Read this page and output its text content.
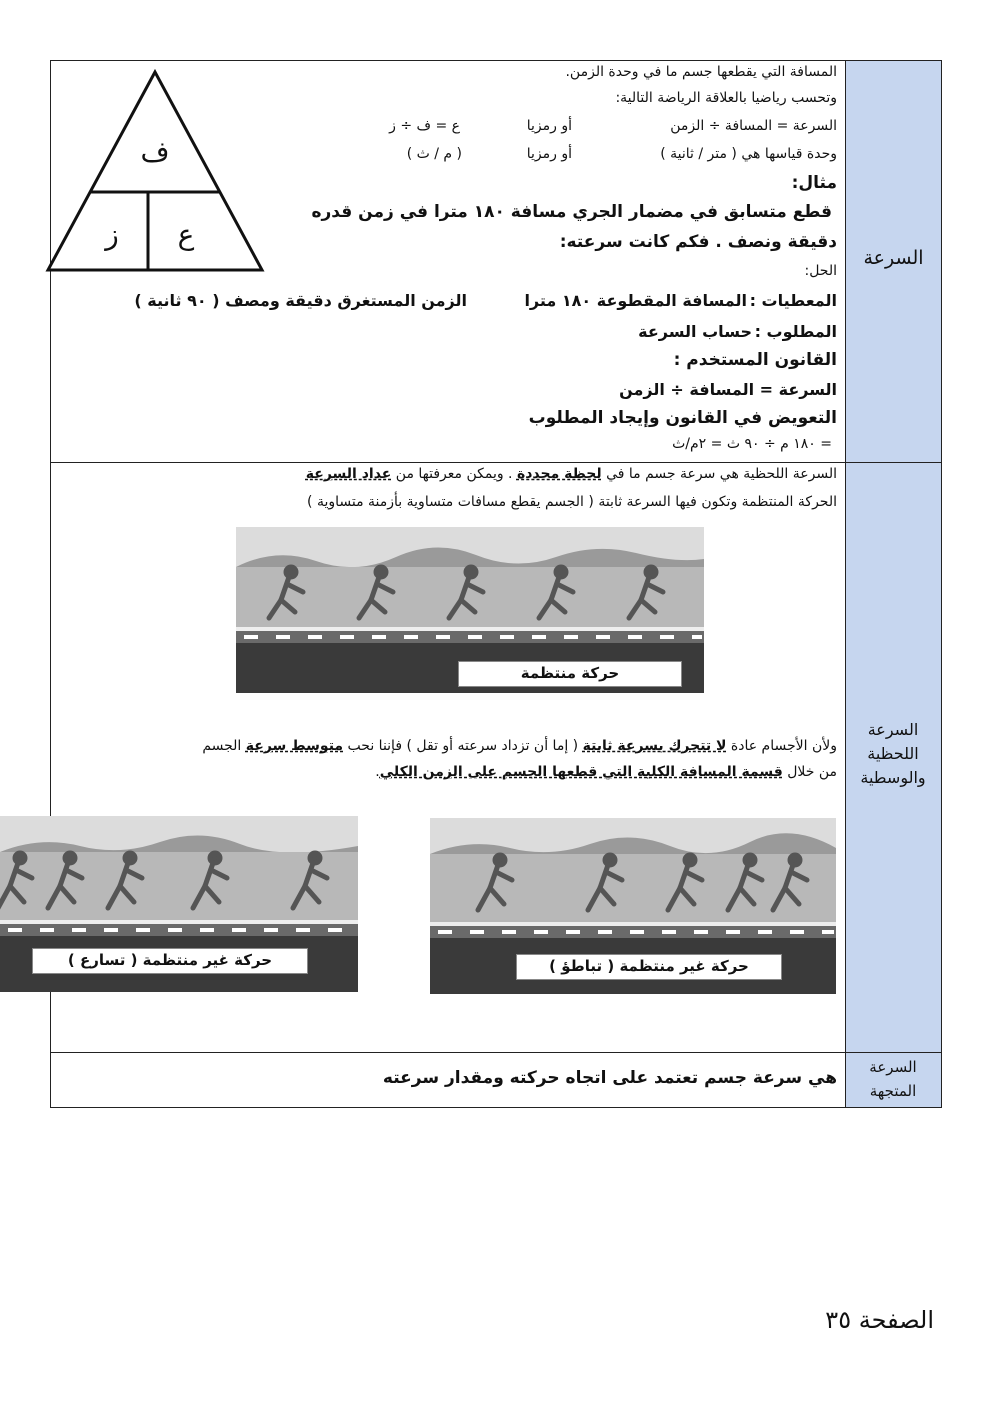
السرعة
السرعة اللحظية والوسطية
السرعة المتجهة
المسافة التي يقطعها جسم ما في وحدة الزمن.
وتحسب رياضيا بالعلاقة الرياضة التالية:
السرعة = المسافة ÷ الزمن
أو رمزيا
ع = ف ÷ ز
وحدة قياسها هي ( متر / ثانية )
أو رمزيا
( م / ث )
مثال:
قطع متسابق في مضمار الجري مسافة ١٨٠ مترا في زمن قدره
دقيقة ونصف . فكم كانت سرعته:
الحل:
المعطيات :
المسافة المقطوعة ١٨٠ مترا
الزمن المستغرق دقيقة ومصف ( ٩٠ ثانية )
المطلوب :
حساب السرعة
القانون المستخدم :
السرعة = المسافة ÷ الزمن
التعويض في القانون وإيجاد المطلوب
= ١٨٠ م ÷ ٩٠ ث = ٢م/ث
ف
ز	ع
السرعة اللحظية هي سرعة جسم ما في لحظة محددة . ويمكن معرفتها من عداد السرعة
الحركة المنتظمة وتكون فيها السرعة ثابتة ( الجسم يقطع مسافات متساوية بأزمنة متساوية )
حركة منتظمة
ولأن الأجسام عادة لا تتحرك بسرعة ثابتة ( إما أن تزداد سرعته أو تقل ) فإننا نحب متوسط سرعة الجسم
من خلال قسمة المسافة الكلية التي قطعها الجسم على الزمن الكلي.
حركة غير منتظمة ( تباطؤ )
حركة غير منتظمة ( تسارع )
هي سرعة جسم تعتمد على اتجاه حركته ومقدار سرعته
الصفحة ٣٥
